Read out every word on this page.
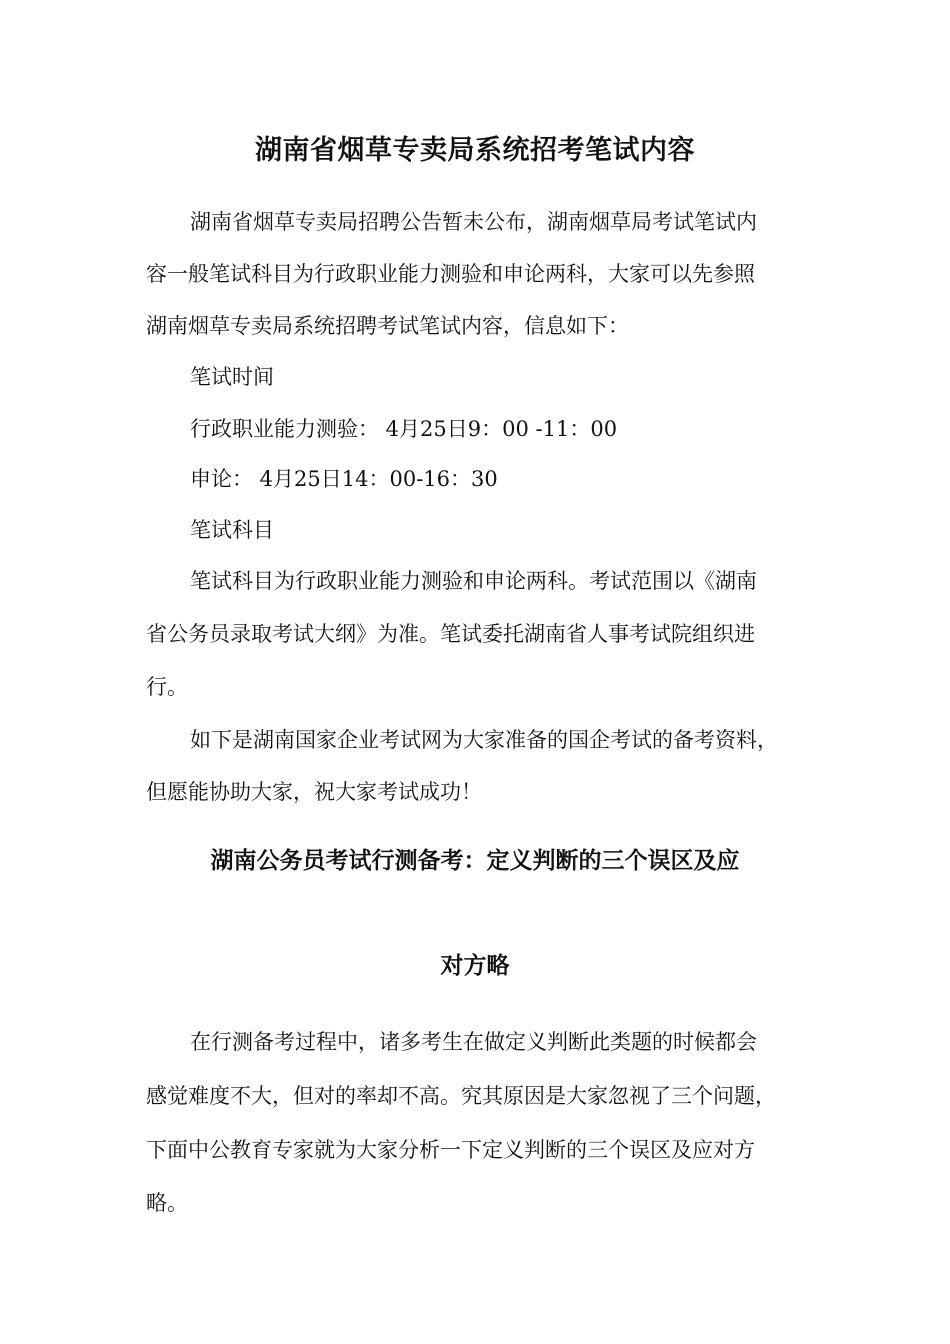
湖南省烟草专卖局系统招考笔试内容
湖南省烟草专卖局招聘公告暂未公布，湖南烟草局考试笔试内
容一般笔试科目为行政职业能力测验和申论两科，大家可以先参照
湖南烟草专卖局系统招聘考试笔试内容，信息如下：
笔试时间
行政职业能力测验： 4月25日9：00 -11：00
申论： 4月25日14：00-16：30
笔试科目
笔试科目为行政职业能力测验和申论两科。考试范围以《湖南
省公务员录取考试大纲》为准。笔试委托湖南省人事考试院组织进
行。
如下是湖南国家企业考试网为大家准备的国企考试的备考资料，
但愿能协助大家，祝大家考试成功！
湖南公务员考试行测备考：定义判断的三个误区及应
对方略
在行测备考过程中，诸多考生在做定义判断此类题的时候都会
感觉难度不大，但对的率却不高。究其原因是大家忽视了三个问题，
下面中公教育专家就为大家分析一下定义判断的三个误区及应对方
略。
